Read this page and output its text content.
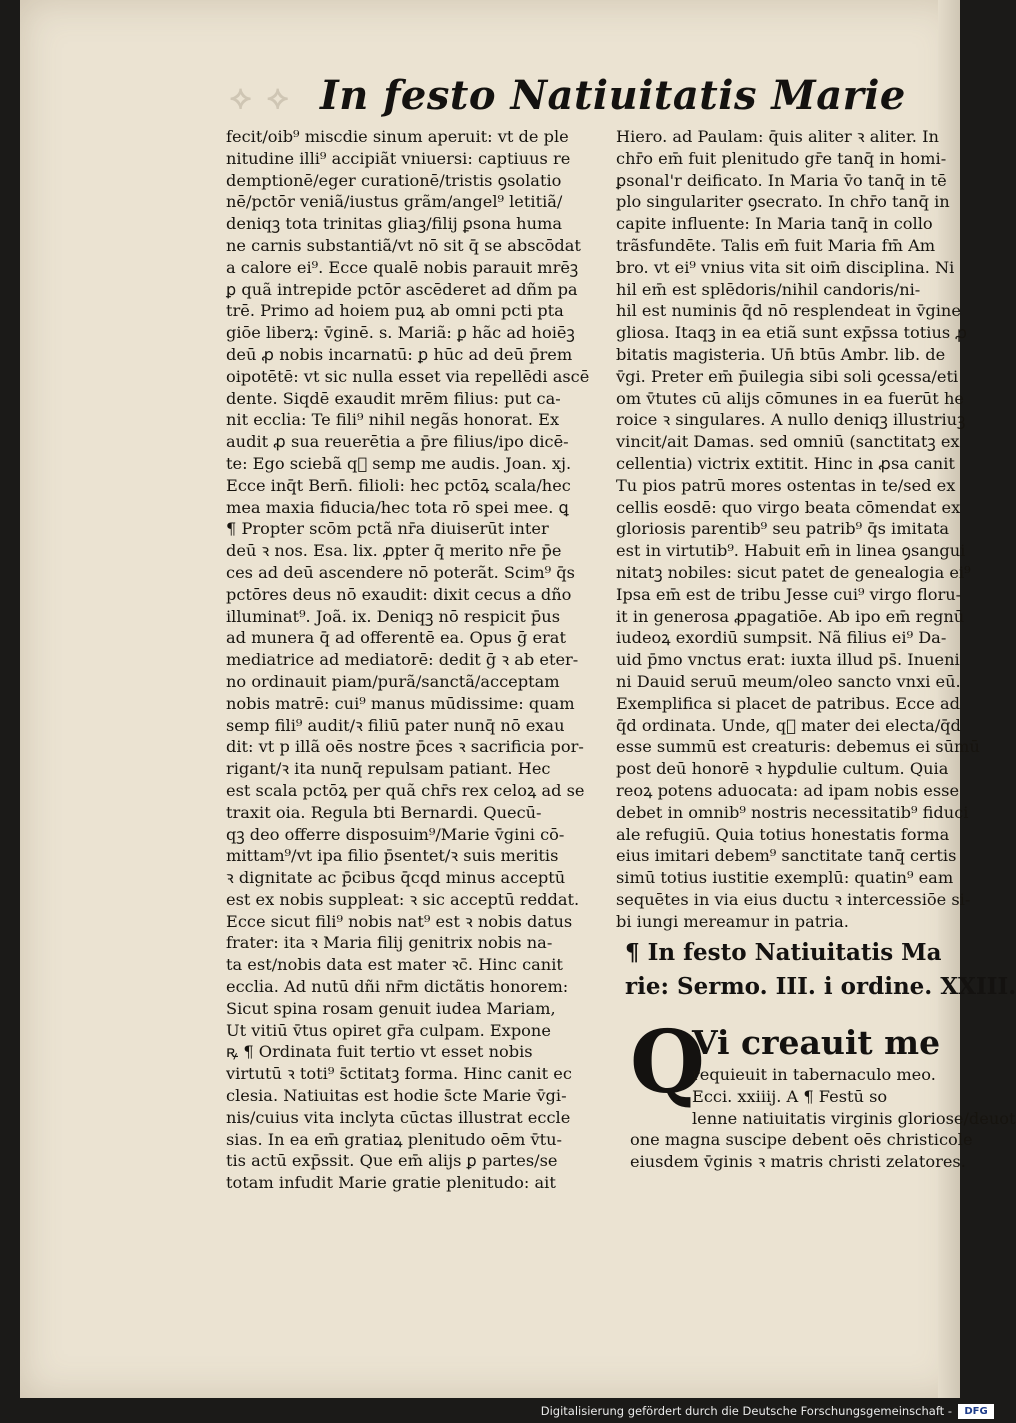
⟡ ⟡ In festo Natiuitatis Marie
fecit/oib⁹ miscdie sinum aperuit: vt de ple
nitudine illi⁹ accipiãt vniuersi: captiuus re
demptionē/eger curationē/tristis ꝯsolatio
nē/pctōr veniã/iustus grãm/angel⁹ letitiã/
deniqꝫ tota trinitas gliaꝫ/filij ꝑsona huma
ne carnis substantiã/vt nō sit q̄ se abscōdat
a calore ei⁹. Ecce qualē nobis parauit mrēꝫ
ꝑ quã intrepide pctōr ascēderet ad dñm pa
trē. Primo ad hoiem puꝝ ab omni pcti pta
giōe liberꝝ: v̄ginē. s. Mariã: ꝑ hãc ad hoiēꝫ
deū ꝓ nobis incarnatū: ꝑ hūc ad deū p̄rem
oipotētē: vt sic nulla esset via repellēdi ascē
dente. Siqdē exaudit mrēm filius: put ca-
nit eccli̇a: Te fili⁹ nihil negãs honorat. Ex
audit ꝓ sua reuerētia a p̄re filius/ipo dicē-
te: Ego sciebã q᷑ semp me audis. Joan. xj.
Ecce inq̄t Bern̄. filioli: hec pctōꝝ scala/hec
mea maxia fiducia/hec tota rō spei mee. ꝗ
¶ Propter scōm pctã nr̄a diuiserūt inter
deū ꝛ nos. Esa. lix. ꝓpter q̄ merito nr̄e p̄e
ces ad deū ascendere nō poterãt. Scim⁹ q̄s
pctōres deus nō exaudit: dixit cecus a dño
illuminat⁹. Joã. ix. Deniqꝫ nō respicit p̄us
ad munera q̄ ad offerentē ea. Opus ḡ erat
mediatrice ad mediatorē: dedit ḡ ꝛ ab eter-
no ordinauit piam/purã/sanctã/acceptam
nobis matrē: cui⁹ manus mūdissime: quam
semp fili⁹ audit/ꝛ filiū pater nunq̄ nō exau
dit: vt p illã oēs nostre p̄ces ꝛ sacrificia por-
rigant/ꝛ ita nunq̄ repulsam patiant. Hec
est scala pctōꝝ per quã chr̄s rex celoꝝ ad se
traxit oia. Regula bti Bernardi. Quecū-
qꝫ deo offerre disposuim⁹/Marie v̄gini cō-
mittam⁹/vt ipa filio p̄sentet/ꝛ suis meritis
ꝛ dignitate ac p̄cibus q̄cqd minus acceptū
est ex nobis suppleat: ꝛ sic acceptū reddat.
Ecce sicut fili⁹ nobis nat⁹ est ꝛ nobis datus
frater: ita ꝛ Maria filij genitrix nobis na-
ta est/nobis data est mater ꝛc̄. Hinc canit
eccli̇a. Ad nutū dñi nr̄m dictãtis honorem:
Sicut spina rosam genuit iudea Mariam,
Ut vitiū v̄tus opiret gr̄a culpam. Expone
ꝶ ¶ Ordinata fuit tertio vt esset nobis
virtutū ꝛ toti⁹ s̄ctitatꝫ forma. Hinc canit ec
clesia. Natiuitas est hodie s̄cte Marie v̄gi-
nis/cuius vita inclyta cūctas illustrat eccle
sias. In ea em̄ gratiaꝝ plenitudo oēm v̄tu-
tis actū exp̄ssit. Que em̄ alijs ꝑ partes/se
totam infudit Marie gratie plenitudo: ait
Hiero. ad Paulam: q̄uis aliter ꝛ aliter. In
chr̄o em̄ fuit plenitudo gr̄e tanq̄ in homi-
ꝑsonal'r deificato. In Maria v̄o tanq̄ in tē
plo singulariter ꝯsecrato. In chr̄o tanq̄ in
capite influente: In Maria tanq̄ in collo
trãsfundēte. Talis em̄ fuit Maria fm̄ Am
bro. vt ei⁹ vnius vita sit oim̄ disciplina. Ni
hil em̄ est splēdoris/nihil candoris/ni-
hil est numinis q̄d nō resplendeat in v̄gine
gliosa. Itaqꝫ in ea etiã sunt exp̄ssa totius ꝓ
bitatis magisteria. Un̄ btūs Ambr. lib. de
v̄gi. Preter em̄ p̄uilegia sibi soli ꝯcessa/eti
om v̄tutes cū alijs cōmunes in ea fuerūt he
roice ꝛ singulares. A nullo deniqꝫ illustriuꝫ
vincit/ait Damas. sed omniū (sanctitatꝫ ex
cellentia) victrix extitit. Hinc in ꝓsa canit
Tu pios patrū mores ostentas in te/sed ex
cellis eosdē: quo virgo beata cōmendat ex
gloriosis parentib⁹ seu patrib⁹ q̄s imitata
est in virtutib⁹. Habuit em̄ in linea ꝯsangui
nitatꝫ nobiles: sicut patet de genealogia ei⁹
Ipsa em̄ est de tribu Jesse cui⁹ virgo floru-
it in generosa ꝓpagatiōe. Ab ipo em̄ regnū
iudeoꝝ exordiū sumpsit. Nã filius ei⁹ Da-
uid p̄mo vnctus erat: iuxta illud ps̄. Inueni
ni Dauid seruū meum/oleo sancto vnxi eū.
Exemplifica si placet de patribus. Ecce ad
q̄d ordinata. Unde, q᷑ mater dei electa/q̄d
esse summū est creaturis: debemus ei sūmū
post deū honorē ꝛ hyꝑdulie cultum. Quia
reoꝝ potens aduocata: ad ipam nobis esse
debet in omnib⁹ nostris necessitatib⁹ fiduci
ale refugiū. Quia totius honestatis forma
eius imitari debem⁹ sanctitate tanq̄ certis
simū totius iustitie exemplū: quatin⁹ eam
sequētes in via eius ductu ꝛ intercessiōe si-
bi iungi mereamur in patria.
¶ In festo Natiuitatis Ma
rie: Sermo. III. i ordine. XXIII.
Q
Vi creauit me
requieuit in tabernaculo meo.
Ecci. xxiiij. A ¶ Festū so
lenne natiuitatis virginis gloriose/deuot
one magna suscipe debent oēs christicole
eiusdem v̄ginis ꝛ matris christi zelatores.
Digitalisierung gefördert durch die Deutsche Forschungsgemeinschaft -	DFG
